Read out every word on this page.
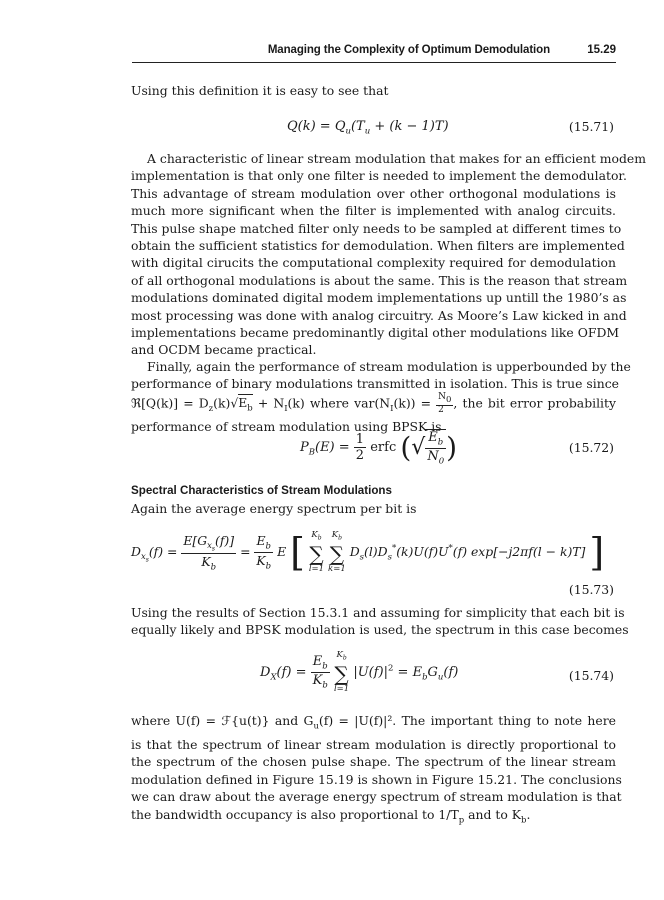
Managing the Complexity of Optimum Demodulation	15.29
Using this definition it is easy to see that
$Q(k) = Q_u(T_u + (k - 1)T)$	(15.71)
A characteristic of linear stream modulation that makes for an efficient modem
implementation is that only one filter is needed to implement the demodulator.
This advantage of stream modulation over other orthogonal modulations is
much more significant when the filter is implemented with analog circuits.
This pulse shape matched filter only needs to be sampled at different times to
obtain the sufficient statistics for demodulation. When filters are implemented
with digital cirucits the computational complexity required for demodulation
of all orthogonal modulations is about the same. This is the reason that stream
modulations dominated digital modem implementations up untill the 1980’s as
most processing was done with analog circuitry. As Moore’s Law kicked in and
implementations became predominantly digital other modulations like OFDM
and OCDM became practical.
Finally, again the performance of stream modulation is upperbounded by the
performance of binary modulations transmitted in isolation. This is true since
ℜ[Q(k)] = $D_z(k)√E_b + N_I(k)$ where $var(N_I(k)) = \frac{N_0}{2}$ , the bit error probability
performance of stream modulation using BPSK is
$P_B(E) = \frac{1}{2}$ erfc (√ $\frac{E_b}{N_0}$ )	(15.72)
Spectral Characteristics of Stream Modulations
Again the average energy spectrum per bit is
$D_{x_s}(f) = \frac{E[G_{x_s}(f)]}{K_b} = \frac{E_b}{K_b}$ E [ $K_b$
∑
l=1

$K_b$
∑
k=1
$D_s(l)D_s^*(k)U(f)U^*(f) \exp[-j2\pi f(l - k)T]$ ]
(15.73)
Using the results of Section 15.3.1 and assuming for simplicity that each bit is
equally likely and BPSK modulation is used, the spectrum in this case becomes
$D_X(f) = \frac{E_b}{K_b}$
$K_b$
∑
l=1
$|U(f)|^2 = E_bG_u(f)$	(15.74)
where U(f) = ℱ{u(t)} and $G_u(f) = |U(f)|^2$. The important thing to note here
is that the spectrum of linear stream modulation is directly proportional to
the spectrum of the chosen pulse shape. The spectrum of the linear stream
modulation defined in Figure 15.19 is shown in Figure 15.21. The conclusions
we can draw about the average energy spectrum of stream modulation is that
the bandwidth occupancy is also proportional to $1/T_p$ and to $K_b$.
